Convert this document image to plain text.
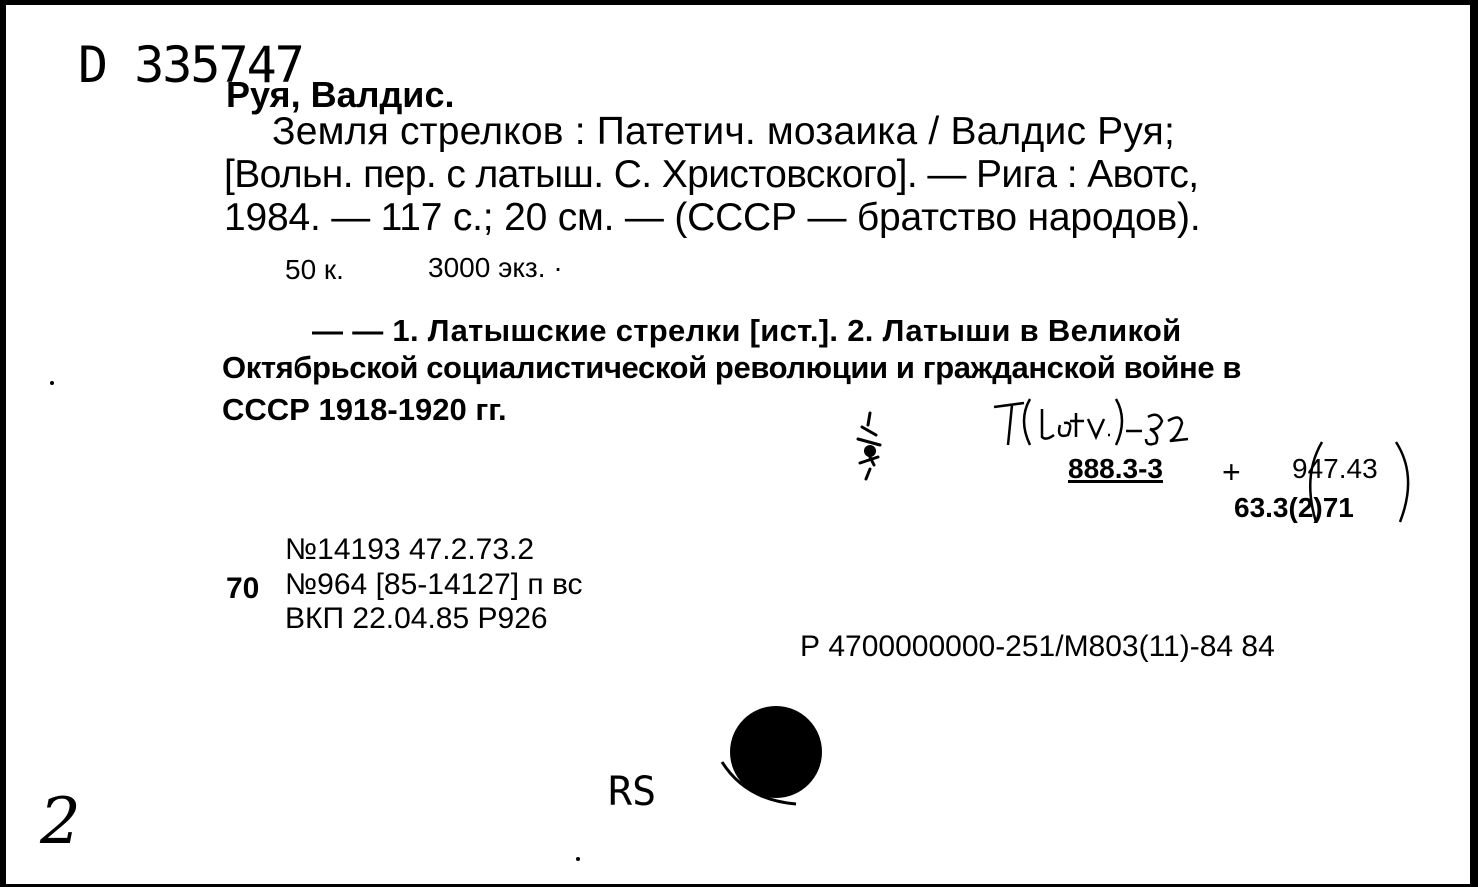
D 335747
Руя, Валдис.
Земля стрелков : Патетич. мозаика / Валдис Руя;
[Вольн. пер. с латыш. С. Христовского]. — Рига : Авотс,
1984. — 117 с.; 20 см. — (СССР — братство народов).
50 к.	3000 экз. ·
— — 1. Латышские стрелки [ист.]. 2. Латыши в Великой
Октябрьской социалистической революции и гражданской войне в
СССР 1918-1920 гг.
888.3-3 + 947.43
63.3(2)71
№14193 47.2.73.2
70 №964 [85-14127] п вс
ВКП 22.04.85 Р926
Р 4700000000-251/М803(11)-84 84
RS
2
